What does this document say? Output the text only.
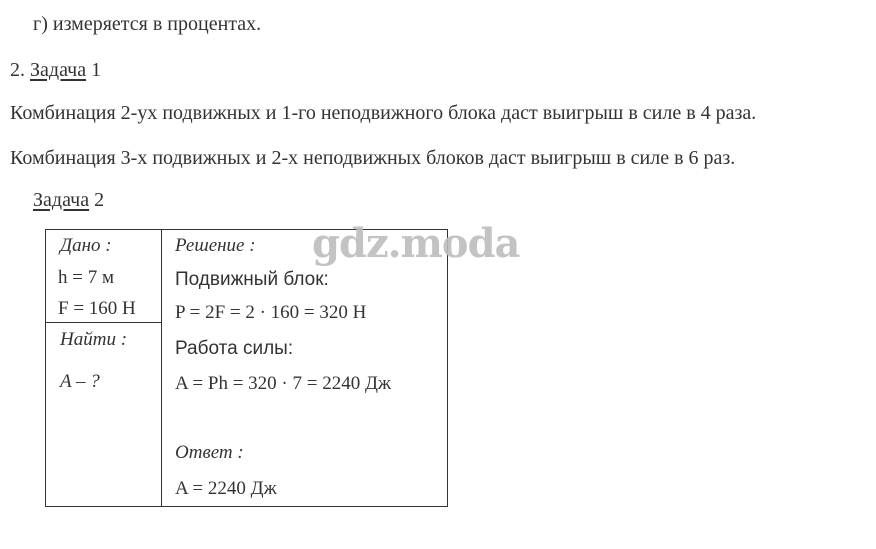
г) измеряется в процентах.
2. Задача 1
Комбинация 2-ух подвижных и 1-го неподвижного блока даст выигрыш в силе в 4 раза.
Комбинация 3-х подвижных и 2-х неподвижных блоков даст выигрыш в силе в 6 раз.
Задача 2
Дано :
h = 7 м
F = 160 Н
Найти :
A – ?
Решение :
Подвижный блок:
P = 2F = 2 · 160 = 320 Н
Работа силы:
A = Ph = 320 · 7 = 2240 Дж
Ответ :
A = 2240 Дж
gdz.moda
